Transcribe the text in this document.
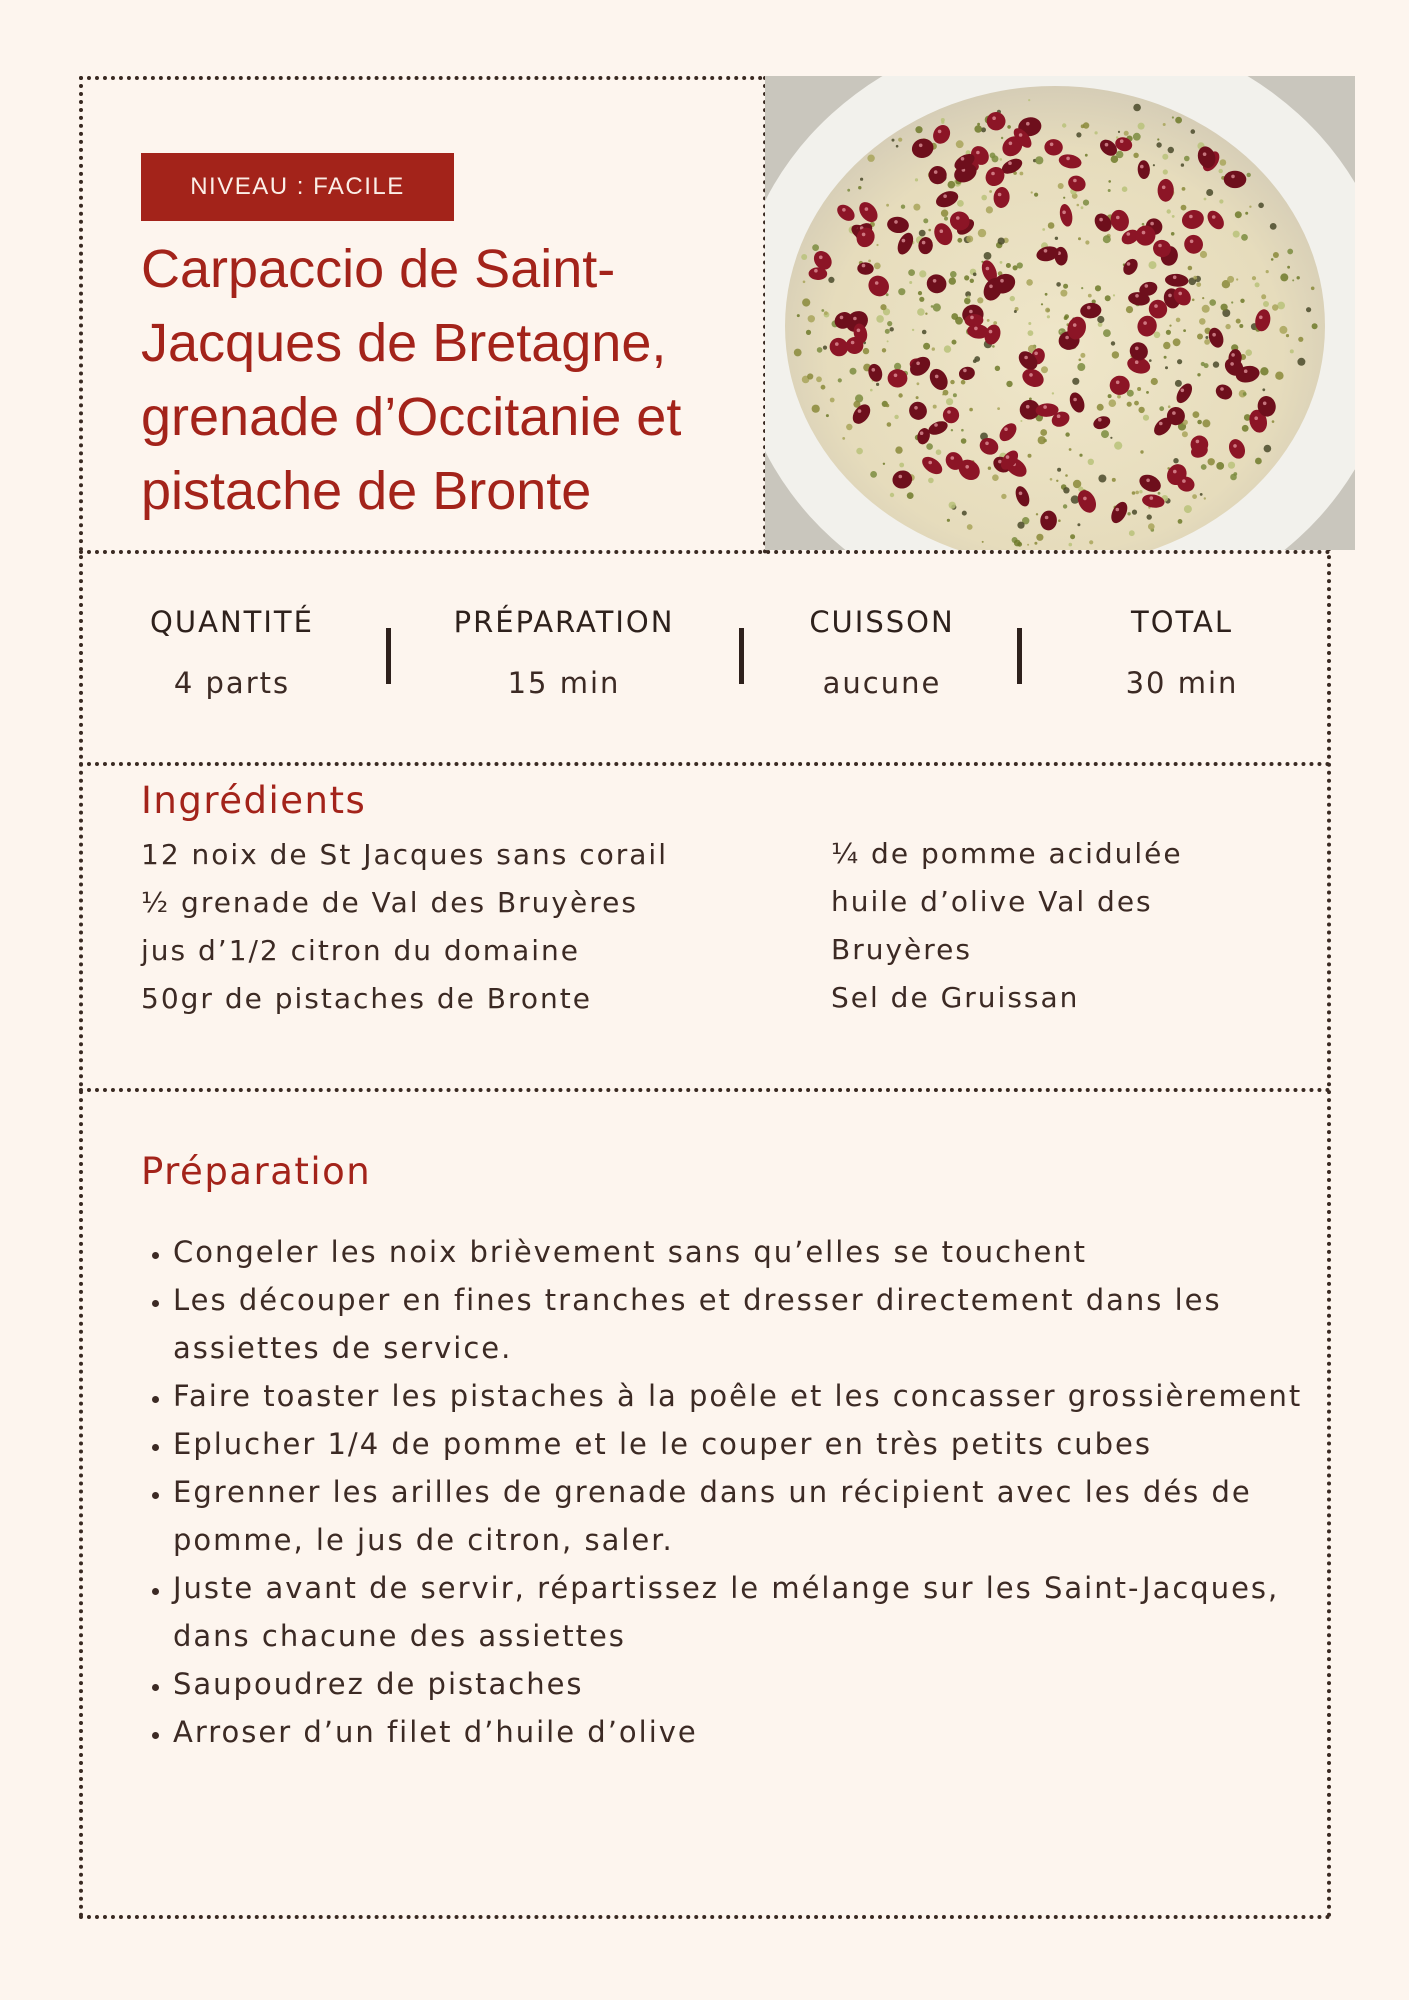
NIVEAU : FACILE
Carpaccio de Saint-Jacques de Bretagne, grenade d’Occitanie et pistache de Bronte
QUANTITÉ
4 parts
PRÉPARATION
15 min
CUISSON
aucune
TOTAL
30 min
Ingrédients
12 noix de St Jacques sans corail
½ grenade de Val des Bruyères
jus d’1/2 citron du domaine
50gr de pistaches de Bronte
¼ de pomme acidulée
huile d’olive Val des
Bruyères
Sel de Gruissan
Préparation
• Congeler les noix brièvement sans qu’elles se touchent
• Les découper en fines tranches et dresser directement dans les assiettes de service.
• Faire toaster les pistaches à la poêle et les concasser grossièrement
• Eplucher 1/4 de pomme et le le couper en très petits cubes
• Egrenner les arilles de grenade dans un récipient avec les dés de pomme, le jus de citron, saler.
• Juste avant de servir, répartissez le mélange sur les Saint-Jacques, dans chacune des assiettes
• Saupoudrez de pistaches
• Arroser d’un filet d’huile d’olive
